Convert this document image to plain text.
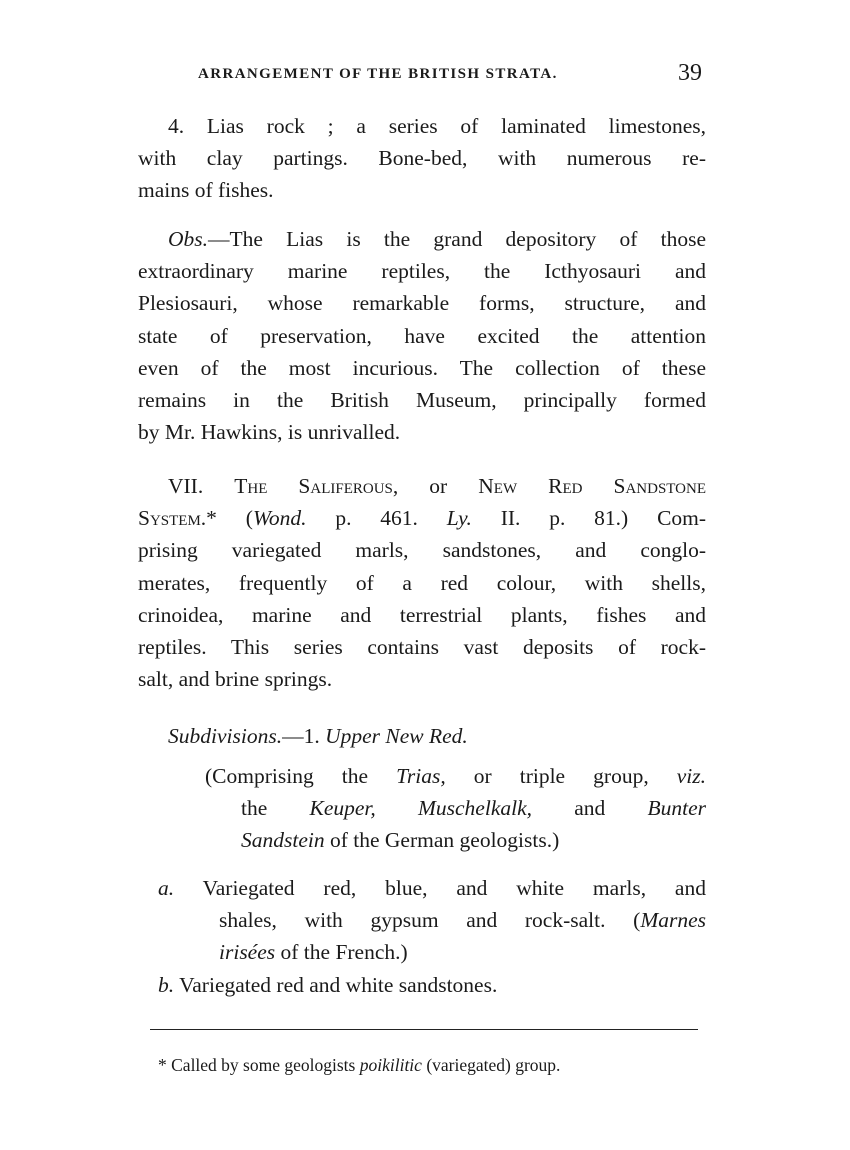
ARRANGEMENT OF THE BRITISH STRATA.	39
4. Lias rock ; a series of laminated limestones,
with clay partings. Bone-bed, with numerous re-
mains of fishes.
Obs.—The Lias is the grand depository of those
extraordinary marine reptiles, the Icthyosauri and
Plesiosauri, whose remarkable forms, structure, and
state of preservation, have excited the attention
even of the most incurious. The collection of these
remains in the British Museum, principally formed
by Mr. Hawkins, is unrivalled.
VII. The Saliferous, or New Red Sandstone
System.* (Wond. p. 461. Ly. II. p. 81.) Com-
prising variegated marls, sandstones, and conglo-
merates, frequently of a red colour, with shells,
crinoidea, marine and terrestrial plants, fishes and
reptiles. This series contains vast deposits of rock-
salt, and brine springs.
Subdivisions.—1. Upper New Red.
(Comprising the Trias, or triple group, viz.
the Keuper, Muschelkalk, and Bunter
Sandstein of the German geologists.)
a. Variegated red, blue, and white marls, and
shales, with gypsum and rock-salt. (Marnes
irisées of the French.)
b. Variegated red and white sandstones.
* Called by some geologists poikilitic (variegated) group.
